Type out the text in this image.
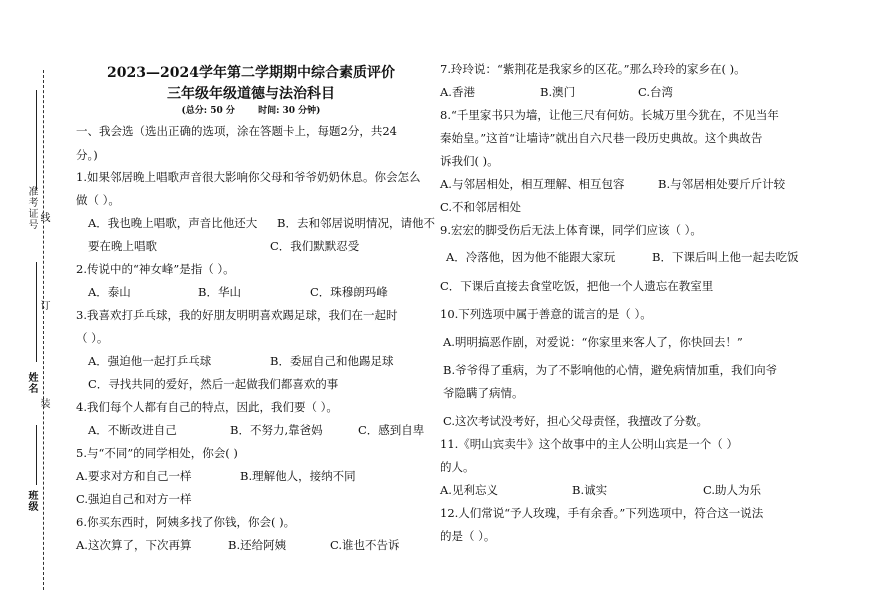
准考证号 线
订
姓名
装
班级
2023—2024学年第二学期期中综合素质评价
三年级年级道德与法治科目
(总分: 50 分	时间: 30 分钟)
一、我会选（选出正确的选项，涂在答题卡上，每题2分，共24
分。)
1.如果邻居晚上唱歌声音很大影响你父母和爷爷奶奶休息。你会怎么
做（ ）。
A．我也晚上唱歌，声音比他还大 B．去和邻居说明情况，请他不
要在晚上唱歌	C．我们默默忍受
2.传说中的“神女峰”是指（ ）。
A．泰山	B．华山	C．珠穆朗玛峰
3.我喜欢打乒乓球，我的好朋友明明喜欢踢足球，我们在一起时
（ ）。
A．强迫他一起打乒乓球	B．委屈自己和他踢足球
C．寻找共同的爱好，然后一起做我们都喜欢的事
4.我们每个人都有自己的特点，因此，我们要（ ）。
A．不断改进自己	B．不努力,靠爸妈	C．感到自卑
5.与“不同”的同学相处，你会( )
A.要求对方和自己一样	B.理解他人，接纳不同
C.强迫自己和对方一样
6.你买东西时，阿姨多找了你钱，你会( )。
A.这次算了，下次再算	B.还给阿姨	C.谁也不告诉
7.玲玲说：“紫荆花是我家乡的区花。”那么玲玲的家乡在( )。
A.香港	B.澳门	C.台湾
8.“千里家书只为墙，让他三尺有何妨。长城万里今犹在，不见当年
秦始皇。”这首“让墙诗”就出自六尺巷一段历史典故。这个典故告
诉我们( )。
A.与邻居相处，相互理解、相互包容	B.与邻居相处要斤斤计较
C.不和邻居相处
9.宏宏的脚受伤后无法上体育课，同学们应该（ ）。
A．冷落他，因为他不能跟大家玩	B．下课后叫上他一起去吃饭
C．下课后直接去食堂吃饭，把他一个人遗忘在教室里
10.下列选项中属于善意的谎言的是（ ）。
A.明明搞恶作剧，对爱说：“你家里来客人了，你快回去！”
B.爷爷得了重病，为了不影响他的心情，避免病情加重，我们向爷
爷隐瞒了病情。
C.这次考试没考好，担心父母责怪，我擅改了分数。
11.《明山宾卖牛》这个故事中的主人公明山宾是一个（ ）
的人。
A.见利忘义	B.诚实	C.助人为乐
12.人们常说“予人玫瑰，手有余香。”下列选项中，符合这一说法
的是（ ）。
